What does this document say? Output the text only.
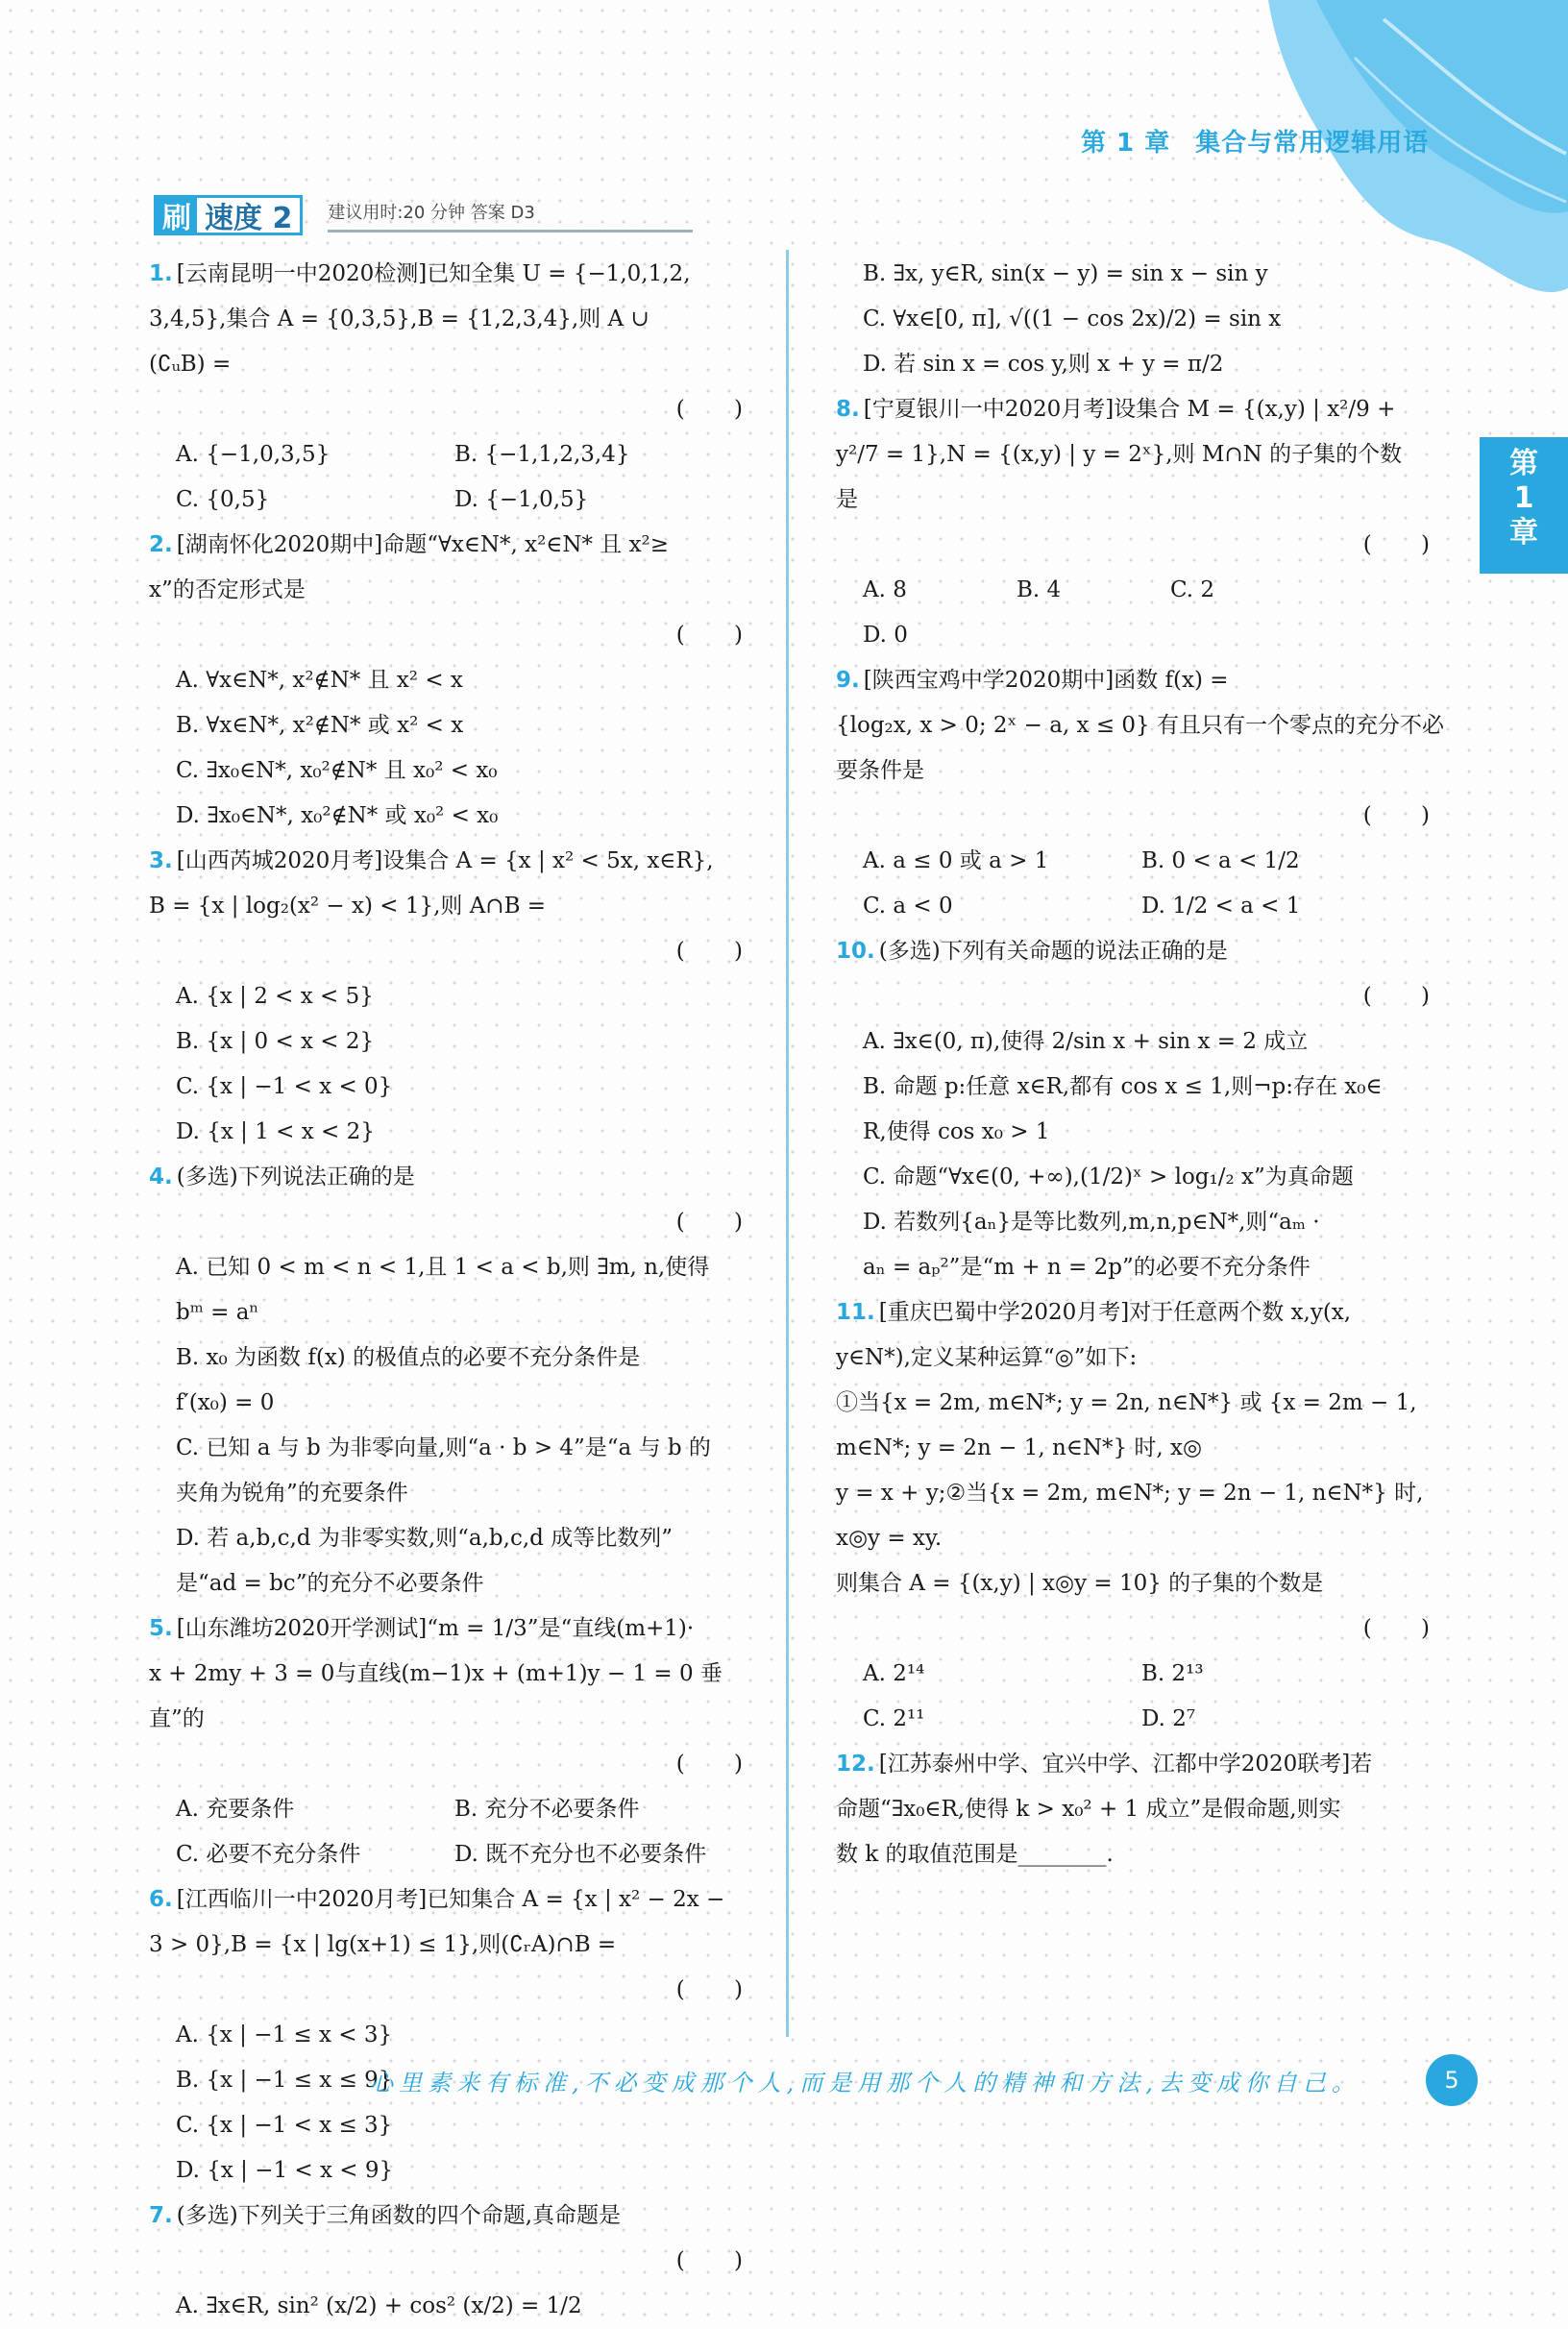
第 1 章 集合与常用逻辑用语
第
1
章
刷 速度 2	建议用时:20 分钟 答案 D3
1. [云南昆明一中2020检测]已知全集 U = {−1,0,1,2,
3,4,5},集合 A = {0,3,5},B = {1,2,3,4},则 A ∪
(∁ᵤB) =
( )
A. {−1,0,3,5}	B. {−1,1,2,3,4}
C. {0,5}	D. {−1,0,5}
2. [湖南怀化2020期中]命题“∀x∈N*, x²∈N* 且 x²≥
x”的否定形式是
( )
A. ∀x∈N*, x²∉N* 且 x² < x
B. ∀x∈N*, x²∉N* 或 x² < x
C. ∃x₀∈N*, x₀²∉N* 且 x₀² < x₀
D. ∃x₀∈N*, x₀²∉N* 或 x₀² < x₀
3. [山西芮城2020月考]设集合 A = {x | x² < 5x, x∈R},
B = {x | log₂(x² − x) < 1},则 A∩B =
( )
A. {x | 2 < x < 5}
B. {x | 0 < x < 2}
C. {x | −1 < x < 0}
D. {x | 1 < x < 2}
4. (多选)下列说法正确的是
( )
A. 已知 0 < m < n < 1,且 1 < a < b,则 ∃m, n,使得
bᵐ = aⁿ
B. x₀ 为函数 f(x) 的极值点的必要不充分条件是
f′(x₀) = 0
C. 已知 a 与 b 为非零向量,则“a · b > 4”是“a 与 b 的
夹角为锐角”的充要条件
D. 若 a,b,c,d 为非零实数,则“a,b,c,d 成等比数列”
是“ad = bc”的充分不必要条件
5. [山东潍坊2020开学测试]“m = 1/3”是“直线(m+1)·
x + 2my + 3 = 0与直线(m−1)x + (m+1)y − 1 = 0 垂
直”的
( )
A. 充要条件	B. 充分不必要条件
C. 必要不充分条件	D. 既不充分也不必要条件
6. [江西临川一中2020月考]已知集合 A = {x | x² − 2x −
3 > 0},B = {x | lg(x+1) ≤ 1},则(∁ᵣA)∩B =
( )
A. {x | −1 ≤ x < 3}
B. {x | −1 ≤ x ≤ 9}
C. {x | −1 < x ≤ 3}
D. {x | −1 < x < 9}
7. (多选)下列关于三角函数的四个命题,真命题是
( )
A. ∃x∈R, sin² (x/2) + cos² (x/2) = 1/2
B. ∃x, y∈R, sin(x − y) = sin x − sin y
C. ∀x∈[0, π], √((1 − cos 2x)/2) = sin x
D. 若 sin x = cos y,则 x + y = π/2
8. [宁夏银川一中2020月考]设集合 M = {(x,y) | x²/9 +
y²/7 = 1},N = {(x,y) | y = 2ˣ},则 M∩N 的子集的个数
是
( )
A. 8	B. 4	C. 2
D. 0
9. [陕西宝鸡中学2020期中]函数 f(x) =
{log₂x, x > 0; 2ˣ − a, x ≤ 0} 有且只有一个零点的充分不必要条件是
( )
A. a ≤ 0 或 a > 1	B. 0 < a < 1/2
C. a < 0	D. 1/2 < a < 1
10. (多选)下列有关命题的说法正确的是
( )
A. ∃x∈(0, π),使得 2/sin x + sin x = 2 成立
B. 命题 p:任意 x∈R,都有 cos x ≤ 1,则¬p:存在 x₀∈
R,使得 cos x₀ > 1
C. 命题“∀x∈(0, +∞),(1/2)ˣ > log₁/₂ x”为真命题
D. 若数列{aₙ}是等比数列,m,n,p∈N*,则“aₘ ·
aₙ = aₚ²”是“m + n = 2p”的必要不充分条件
11. [重庆巴蜀中学2020月考]对于任意两个数 x,y(x,
y∈N*),定义某种运算“◎”如下:
①当{x = 2m, m∈N*; y = 2n, n∈N*} 或 {x = 2m − 1, m∈N*; y = 2n − 1, n∈N*} 时, x◎
y = x + y;②当{x = 2m, m∈N*; y = 2n − 1, n∈N*} 时, x◎y = xy.
则集合 A = {(x,y) | x◎y = 10} 的子集的个数是
( )
A. 2¹⁴	B. 2¹³
C. 2¹¹	D. 2⁷
12. [江苏泰州中学、宜兴中学、江都中学2020联考]若
命题“∃x₀∈R,使得 k > x₀² + 1 成立”是假命题,则实
数 k 的取值范围是________.
心里素来有标准,不必变成那个人,而是用那个人的精神和方法,去变成你自己。	5
